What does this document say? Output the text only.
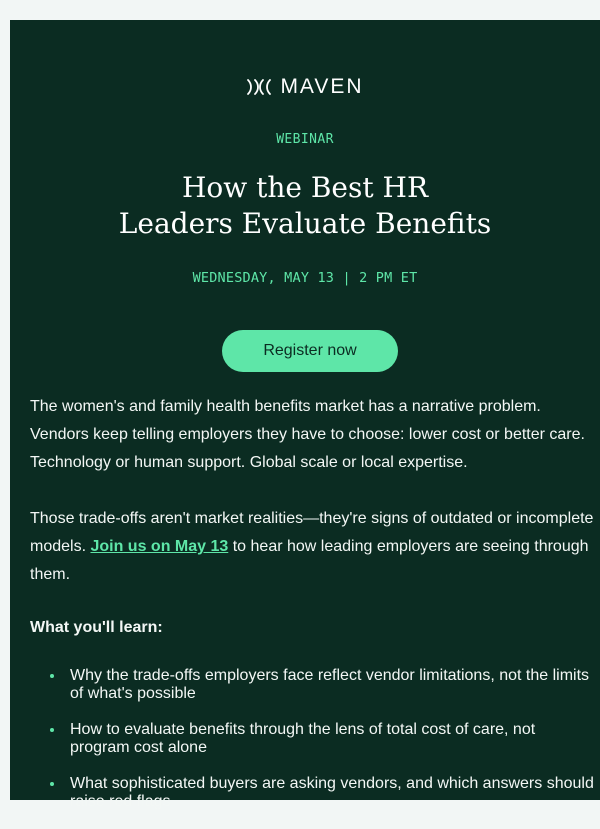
MAVEN
WEBINAR
How the Best HR
Leaders Evaluate Benefits
WEDNESDAY, MAY 13 | 2 PM ET
Register now

The women's and family health benefits market has a narrative problem. Vendors keep telling employers they have to choose: lower cost or better care. Technology or human support. Global scale or local expertise.

Those trade-offs aren't market realities—they're signs of outdated or incomplete models. Join us on May 13 to hear how leading employers are seeing through them.

What you'll learn:

Why the trade-offs employers face reflect vendor limitations, not the limits of what's possible
How to evaluate benefits through the lens of total cost of care, not program cost alone
What sophisticated buyers are asking vendors, and which answers should raise red flags
